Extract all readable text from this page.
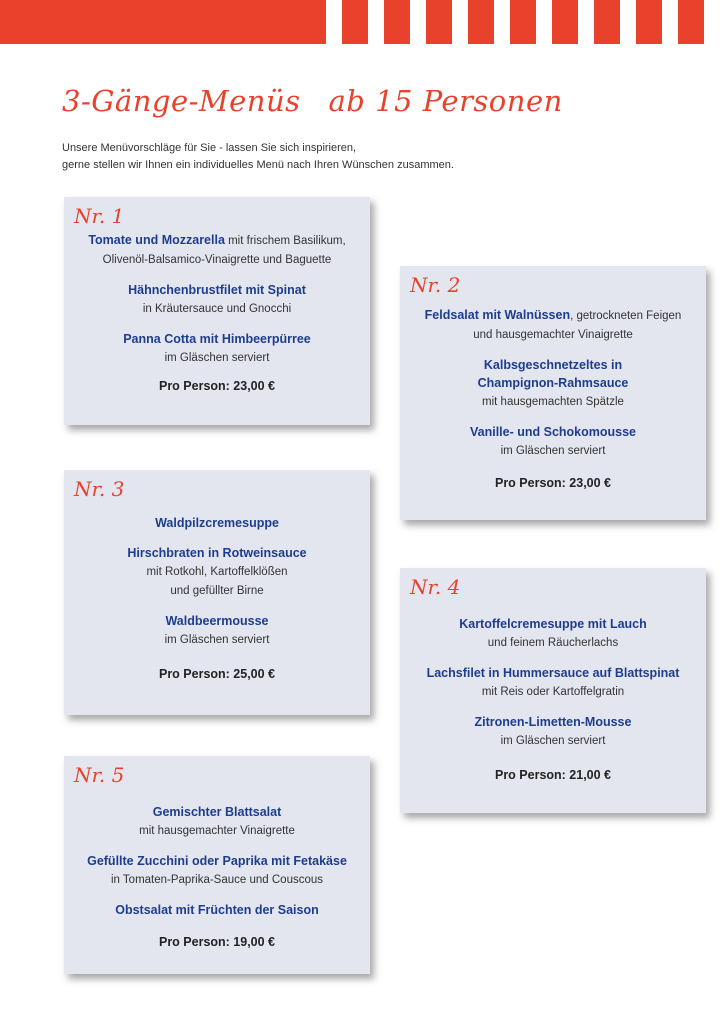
3-Gänge-Menüs ab 15 Personen

Unsere Menüvorschläge für Sie - lassen Sie sich inspirieren,
gerne stellen wir Ihnen ein individuelles Menü nach Ihren Wünschen zusammen.

Nr. 1

Tomate und Mozzarella mit frischem Basilikum,
Olivenöl-Balsamico-Vinaigrette und Baguette

Hähnchenbrustfilet mit Spinat
in Kräutersauce und Gnocchi

Panna Cotta mit Himbeerpürree
im Gläschen serviert

Pro Person: 23,00 €

Nr. 2

Feldsalat mit Walnüssen, getrockneten Feigen
und hausgemachter Vinaigrette

Kalbsgeschnetzeltes in
Champignon-Rahmsauce
mit hausgemachten Spätzle

Vanille- und Schokomousse
im Gläschen serviert

Pro Person: 23,00 €

Nr. 3

Waldpilzcremesuppe

Hirschbraten in Rotweinsauce
mit Rotkohl, Kartoffelklößen
und gefüllter Birne

Waldbeermousse
im Gläschen serviert

Pro Person: 25,00 €

Nr. 4

Kartoffelcremesuppe mit Lauch
und feinem Räucherlachs

Lachsfilet in Hummersauce auf Blattspinat
mit Reis oder Kartoffelgratin

Zitronen-Limetten-Mousse
im Gläschen serviert

Pro Person: 21,00 €

Nr. 5

Gemischter Blattsalat
mit hausgemachter Vinaigrette

Gefüllte Zucchini oder Paprika mit Fetakäse
in Tomaten-Paprika-Sauce und Couscous

Obstsalat mit Früchten der Saison

Pro Person: 19,00 €
